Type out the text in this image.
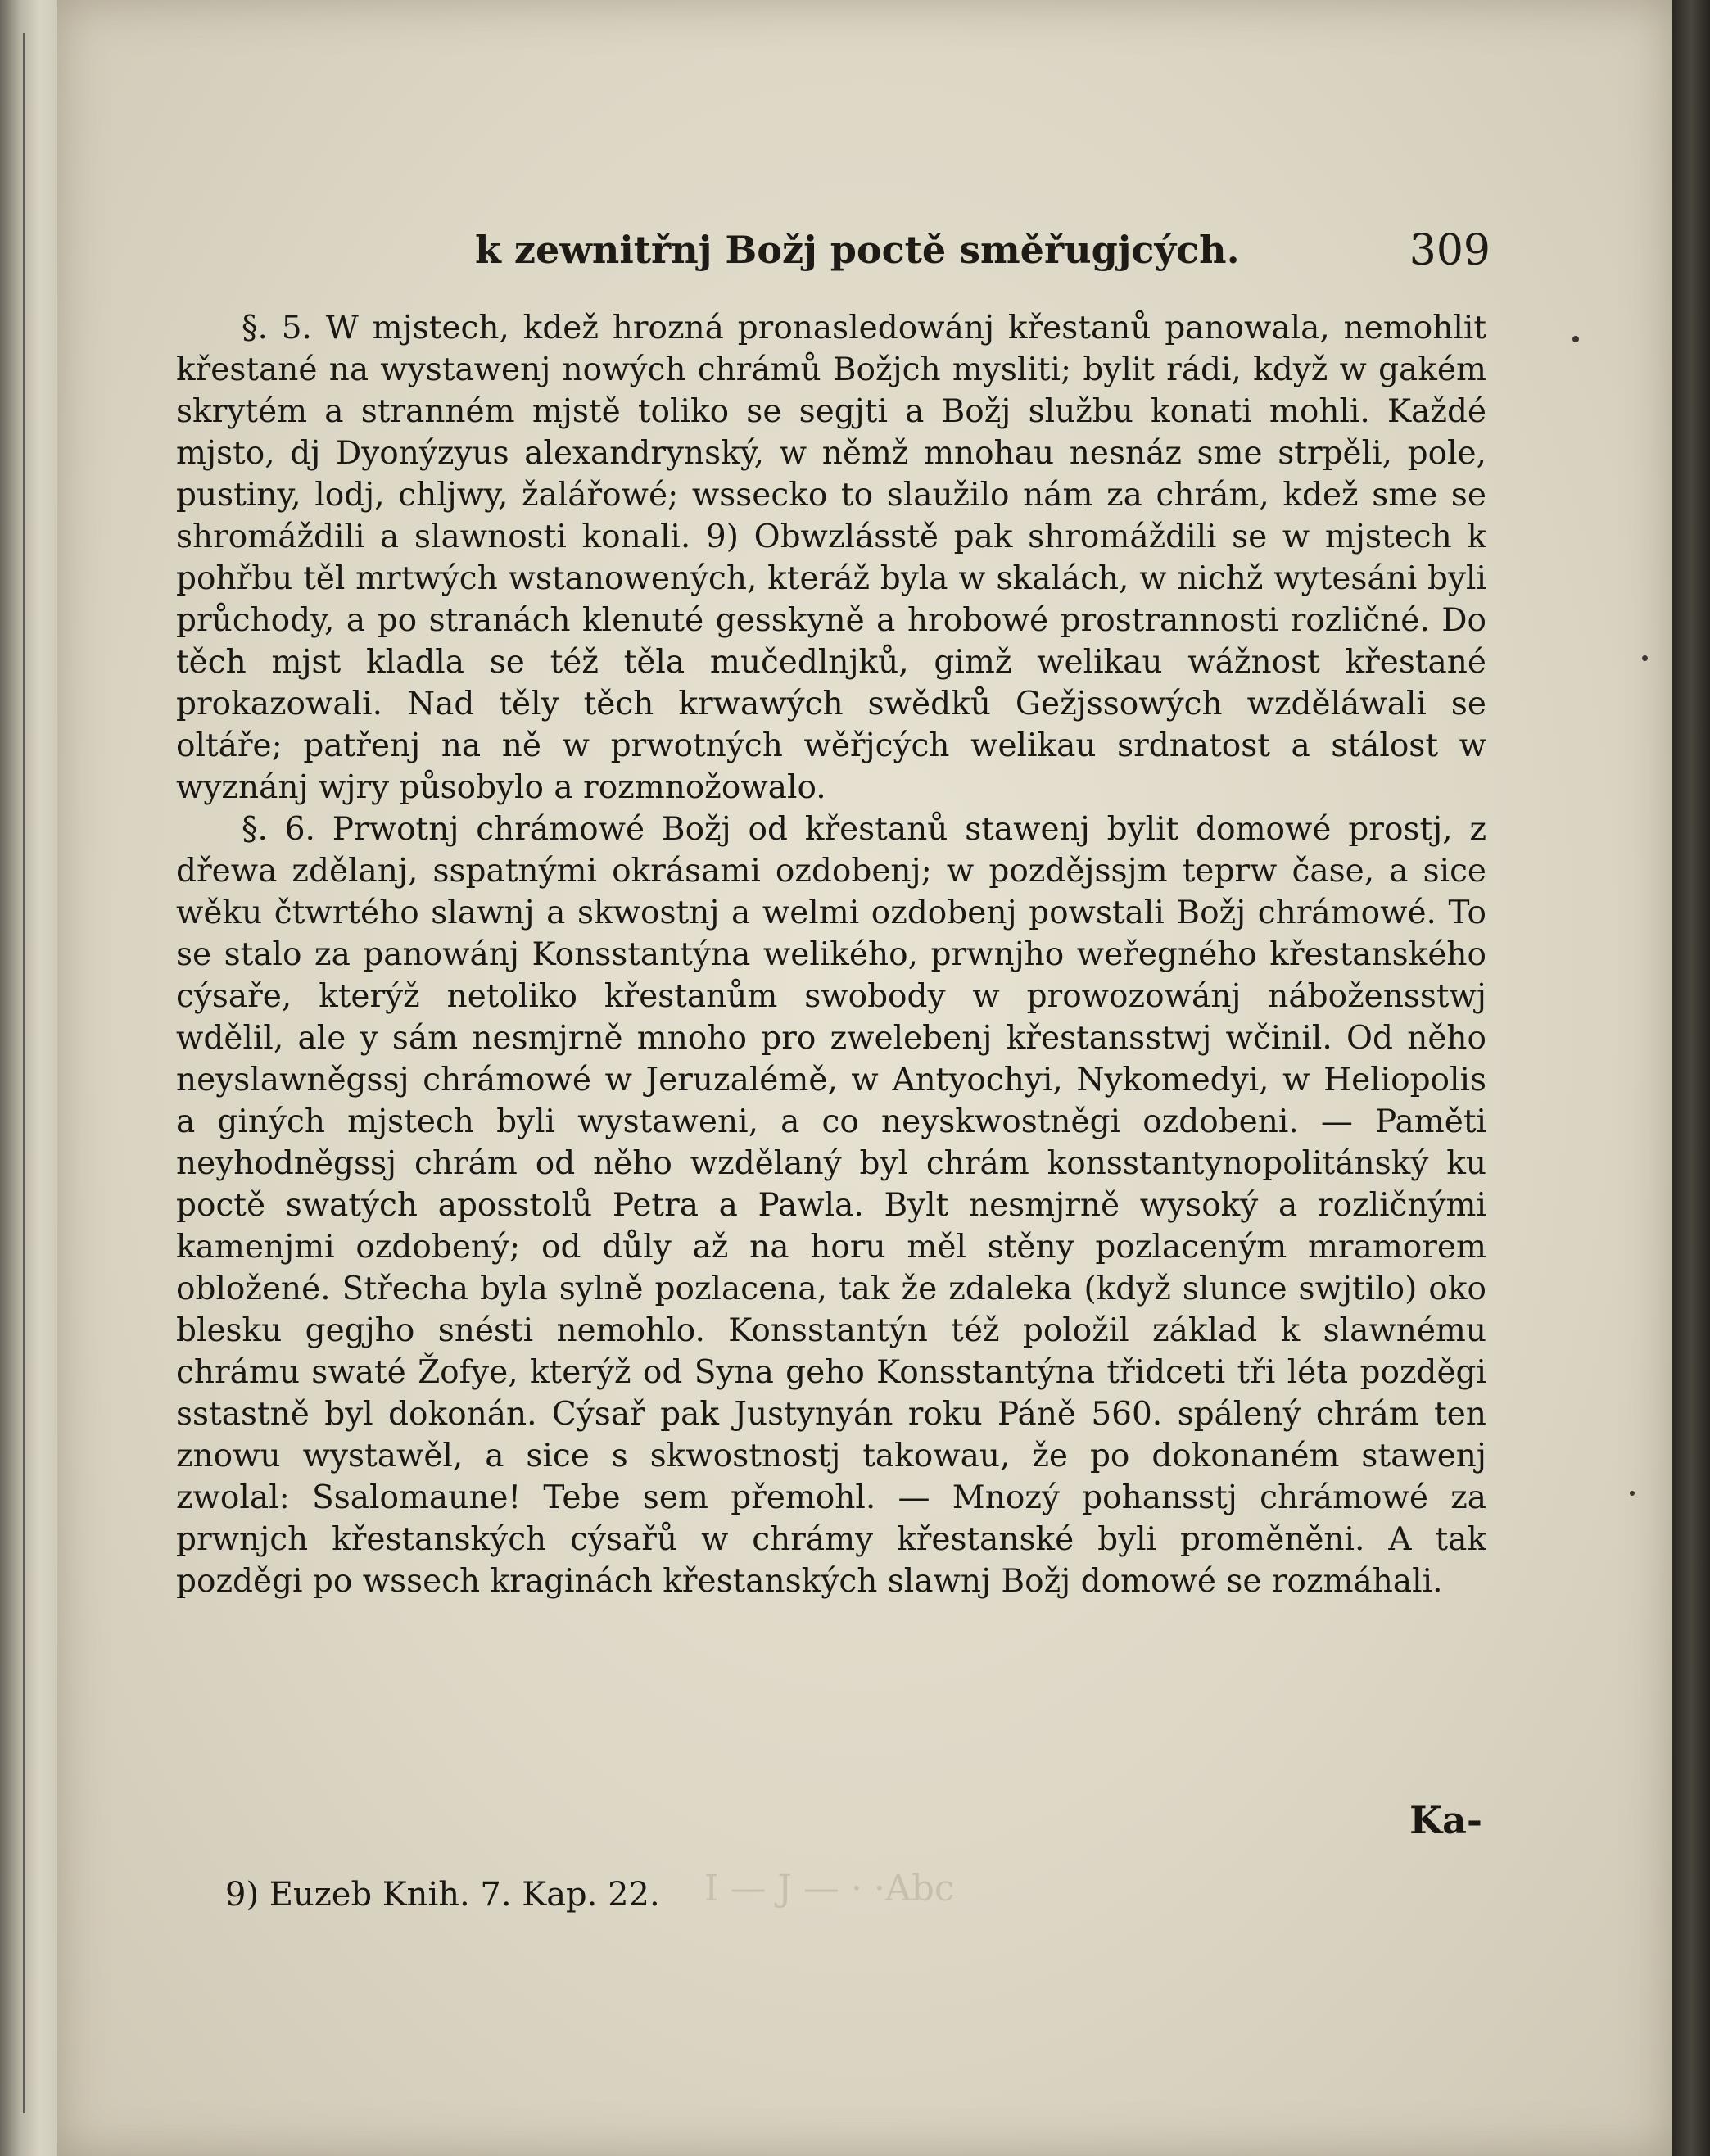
k zewnitřnj Božj poctě směřugjcých.	309

§. 5. W mjstech, kdež hrozná pronasledowánj křestanů panowala, nemohlit křestané na wystawenj nowých chrámů Božjch mysliti; bylit rádi, když w gakém skrytém a stranném mjstě toliko se segjti a Božj službu konati mohli. Každé mjsto, dj Dyonýzyus alexandrynský, w němž mnohau nesnáz sme strpěli, pole, pustiny, lodj, chljwy, žalářowé; wssecko to slaužilo nám za chrám, kdež sme se shromáždili a slawnosti konali. 9) Obwzlásstě pak shromáždili se w mjstech k pohřbu těl mrtwých wstanowených, kteráž byla w skalách, w nichž wytesáni byli průchody, a po stranách klenuté gesskyně a hrobowé prostrannosti rozličné. Do těch mjst kladla se též těla mučedlnjků, gimž welikau wážnost křestané prokazowali. Nad těly těch krwawých swědků Gežjssowých wzděláwali se oltáře; patřenj na ně w prwotných wěřjcých welikau srdnatost a stálost w wyznánj wjry působylo a rozmnožowalo.

§. 6. Prwotnj chrámowé Božj od křestanů stawenj bylit domowé prostj, z dřewa zdělanj, sspatnými okrásami ozdobenj; w pozdějssjm teprw čase, a sice wěku čtwrtého slawnj a skwostnj a welmi ozdobenj powstali Božj chrámowé. To se stalo za panowánj Konsstantýna welikého, prwnjho weřegného křestanského cýsaře, kterýž netoliko křestanům swobody w prowozowánj nábožensstwj wdělil, ale y sám nesmjrně mnoho pro zwelebenj křestansstwj wčinil. Od něho neyslawněgssj chrámowé w Jeruzalémě, w Antyochyi, Nykomedyi, w Heliopolis a giných mjstech byli wystaweni, a co neyskwostněgi ozdobeni. — Paměti neyhodněgssj chrám od něho wzdělaný byl chrám konsstantynopolitánský ku poctě swatých aposstolů Petra a Pawla. Bylt nesmjrně wysoký a rozličnými kamenjmi ozdobený; od důly až na horu měl stěny pozlaceným mramorem obložené. Střecha byla sylně pozlacena, tak že zdaleka (když slunce swjtilo) oko blesku gegjho snésti nemohlo. Konsstantýn též položil základ k slawnému chrámu swaté Žofye, kterýž od Syna geho Konsstantýna třidceti tři léta pozděgi sstastně byl dokonán. Cýsař pak Justynyán roku Páně 560. spálený chrám ten znowu wystawěl, a sice s skwostnostj takowau, že po dokonaném stawenj zwolal: Ssalomaune! Tebe sem přemohl. — Mnozý pohansstj chrámowé za prwnjch křestanských cýsařů w chrámy křestanské byli proměněni. A tak pozděgi po wssech kraginách křestanských slawnj Božj domowé se rozmáhali.

Ka-
I — J — · ·Abc
9) Euzeb Knih. 7. Kap. 22.
